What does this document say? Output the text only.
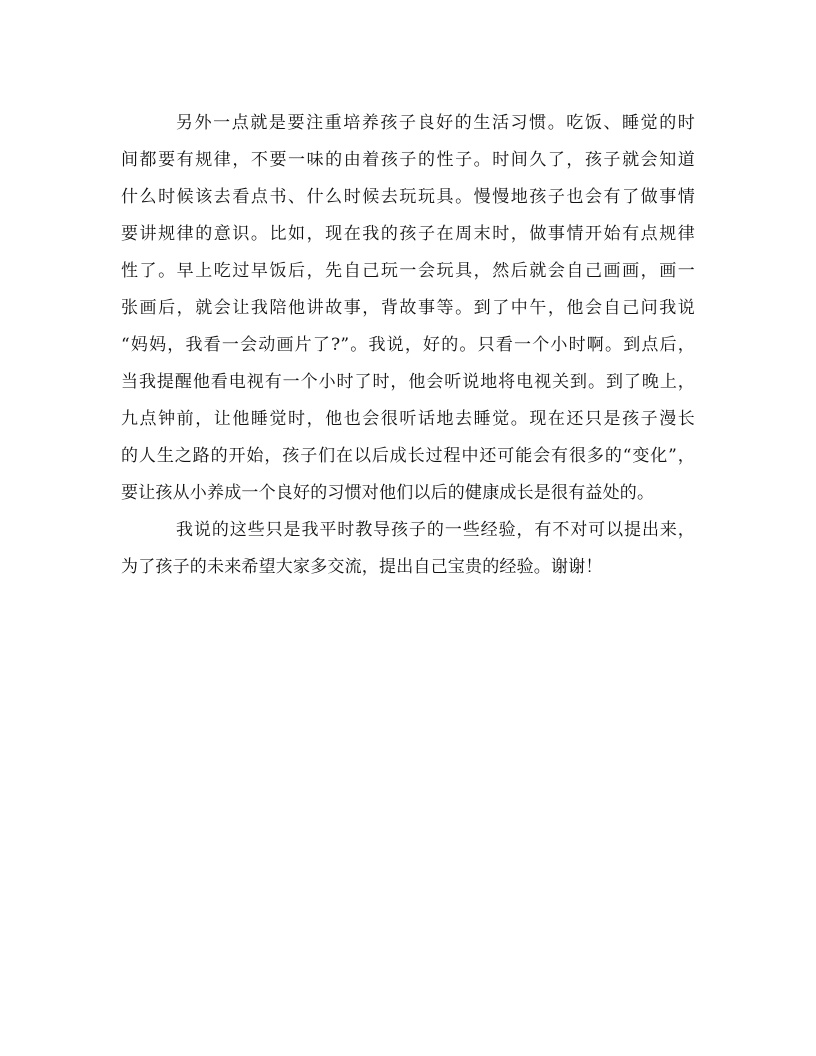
另外一点就是要注重培养孩子良好的生活习惯。吃饭、睡觉的时
间都要有规律，不要一味的由着孩子的性子。时间久了，孩子就会知道
什么时候该去看点书、什么时候去玩玩具。慢慢地孩子也会有了做事情
要讲规律的意识。比如，现在我的孩子在周末时，做事情开始有点规律
性了。早上吃过早饭后，先自己玩一会玩具，然后就会自己画画，画一
张画后，就会让我陪他讲故事，背故事等。到了中午，他会自己问我说
“妈妈，我看一会动画片了?”。我说，好的。只看一个小时啊。到点后，
当我提醒他看电视有一个小时了时，他会听说地将电视关到。到了晚上，
九点钟前，让他睡觉时，他也会很听话地去睡觉。现在还只是孩子漫长
的人生之路的开始，孩子们在以后成长过程中还可能会有很多的“变化”，
要让孩从小养成一个良好的习惯对他们以后的健康成长是很有益处的。
我说的这些只是我平时教导孩子的一些经验，有不对可以提出来，
为了孩子的未来希望大家多交流，提出自己宝贵的经验。谢谢！
